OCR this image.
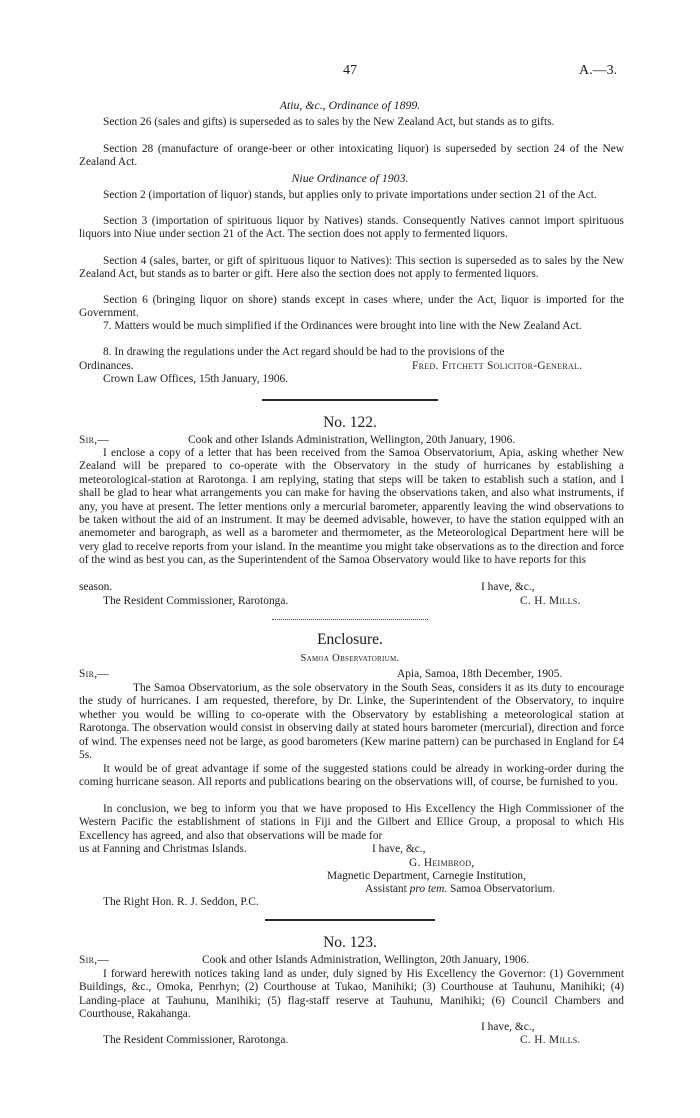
47	A.—3.
Atiu, &c., Ordinance of 1899.

Section 26 (sales and gifts) is superseded as to sales by the New Zealand Act, but stands as to gifts.

Section 28 (manufacture of orange-beer or other intoxicating liquor) is superseded by section 24 of the New Zealand Act.

Niue Ordinance of 1903.

Section 2 (importation of liquor) stands, but applies only to private importations under section 21 of the Act.

Section 3 (importation of spirituous liquor by Natives) stands. Consequently Natives cannot import spirituous liquors into Niue under section 21 of the Act. The section does not apply to fermented liquors.

Section 4 (sales, barter, or gift of spirituous liquor to Natives): This section is superseded as to sales by the New Zealand Act, but stands as to barter or gift. Here also the section does not apply to fermented liquors.

Section 6 (bringing liquor on shore) stands except in cases where, under the Act, liquor is imported for the Government.

7. Matters would be much simplified if the Ordinances were brought into line with the New Zealand Act.

8. In drawing the regulations under the Act regard should be had to the provisions of the
Ordinances.	Fred. Fitchett Solicitor-General.
Crown Law Offices, 15th January, 1906.
No. 122.
Sir,—	Cook and other Islands Administration, Wellington, 20th January, 1906.

I enclose a copy of a letter that has been received from the Samoa Observatorium, Apia, asking whether New Zealand will be prepared to co-operate with the Observatory in the study of hurricanes by establishing a meteorological-station at Rarotonga. I am replying, stating that steps will be taken to establish such a station, and I shall be glad to hear what arrangements you can make for having the observations taken, and also what instruments, if any, you have at present. The letter mentions only a mercurial barometer, apparently leaving the wind observations to be taken without the aid of an instrument. It may be deemed advisable, however, to have the station equipped with an anemometer and barograph, as well as a barometer and thermometer, as the Meteorological Department here will be very glad to receive reports from your island. In the meantime you might take observations as to the direction and force of the wind as best you can, as the Superintendent of the Samoa Observatory would like to have reports for this

season.	I have, &c.,
The Resident Commissioner, Rarotonga.	C. H. Mills.
Enclosure.
Samoa Observatorium.
Sir,—	Apia, Samoa, 18th December, 1905.

The Samoa Observatorium, as the sole observatory in the South Seas, considers it as its duty to encourage the study of hurricanes. I am requested, therefore, by Dr. Linke, the Superintendent of the Observatory, to inquire whether you would be willing to co-operate with the Observatory by establishing a meteorological station at Rarotonga. The observation would consist in observing daily at stated hours barometer (mercurial), direction and force of wind. The expenses need not be large, as good barometers (Kew marine pattern) can be purchased in England for £4 5s.

It would be of great advantage if some of the suggested stations could be already in working-order during the coming hurricane season. All reports and publications bearing on the observations will, of course, be furnished to you.

In conclusion, we beg to inform you that we have proposed to His Excellency the High Commissioner of the Western Pacific the establishment of stations in Fiji and the Gilbert and Ellice Group, a proposal to which His Excellency has agreed, and also that observations will be made for

us at Fanning and Christmas Islands.	I have, &c.,
G. Heimbrod,
Magnetic Department, Carnegie Institution,
Assistant pro tem. Samoa Observatorium.
The Right Hon. R. J. Seddon, P.C.
No. 123.
Sir,—	Cook and other Islands Administration, Wellington, 20th January, 1906.

I forward herewith notices taking land as under, duly signed by His Excellency the Governor: (1) Government Buildings, &c., Omoka, Penrhyn; (2) Courthouse at Tukao, Manihiki; (3) Courthouse at Tauhunu, Manihiki; (4) Landing-place at Tauhunu, Manihiki; (5) flag-staff reserve at Tauhunu, Manihiki; (6) Council Chambers and Courthouse, Rakahanga.

I have, &c.,
The Resident Commissioner, Rarotonga.	C. H. Mills.
